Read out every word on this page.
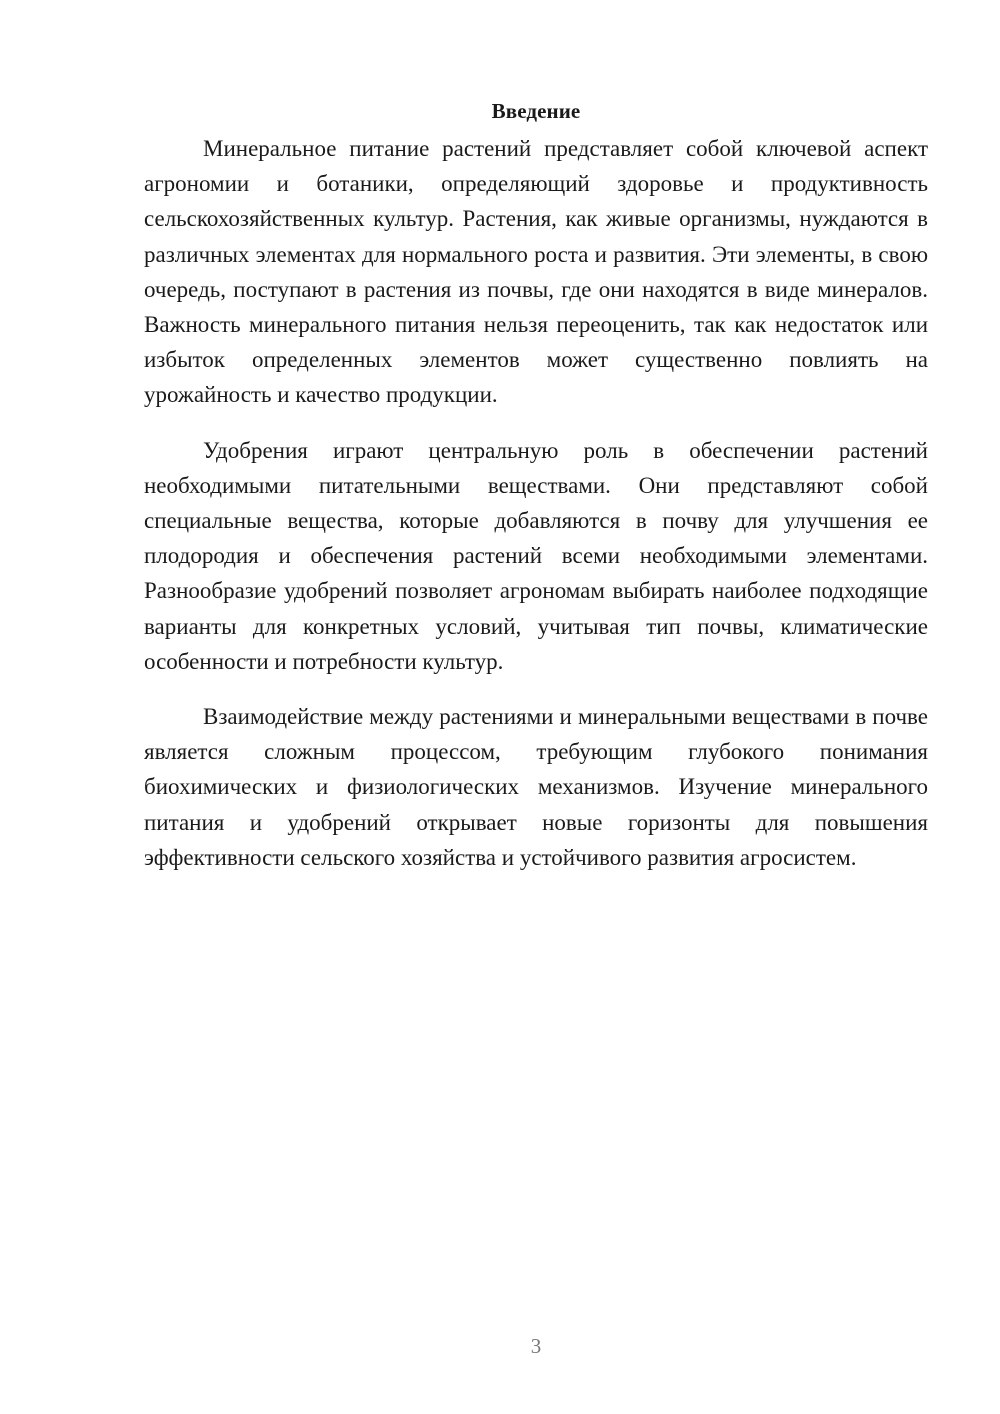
Введение

Минеральное питание растений представляет собой ключевой аспект агрономии и ботаники, определяющий здоровье и продуктивность сельскохозяйственных культур. Растения, как живые организмы, нуждаются в различных элементах для нормального роста и развития. Эти элементы, в свою очередь, поступают в растения из почвы, где они находятся в виде минералов. Важность минерального питания нельзя переоценить, так как недостаток или избыток определенных элементов может существенно повлиять на урожайность и качество продукции.

Удобрения играют центральную роль в обеспечении растений необходимыми питательными веществами. Они представляют собой специальные вещества, которые добавляются в почву для улучшения ее плодородия и обеспечения растений всеми необходимыми элементами. Разнообразие удобрений позволяет агрономам выбирать наиболее подходящие варианты для конкретных условий, учитывая тип почвы, климатические особенности и потребности культур.

Взаимодействие между растениями и минеральными веществами в почве является сложным процессом, требующим глубокого понимания биохимических и физиологических механизмов. Изучение минерального питания и удобрений открывает новые горизонты для повышения эффективности сельского хозяйства и устойчивого развития агросистем.

3
